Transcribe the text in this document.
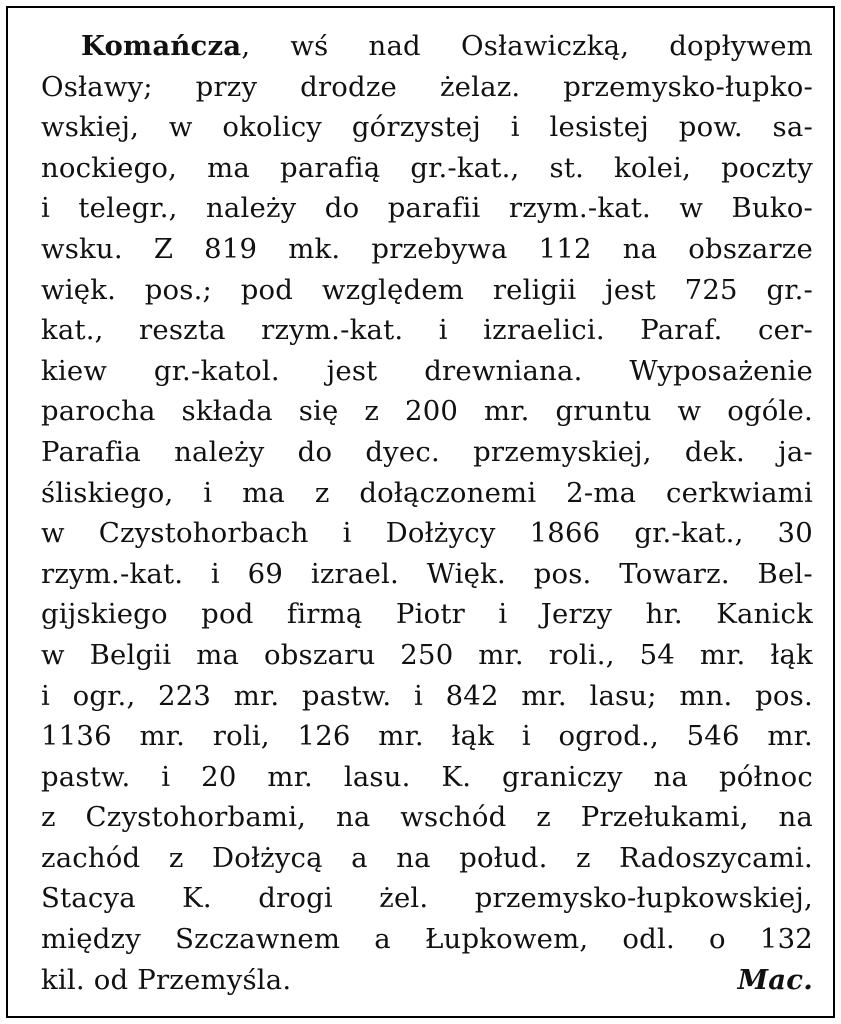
Komańcza, wś nad Osławiczką, dopływem
Osławy; przy drodze żelaz. przemysko-łupko-
wskiej, w okolicy górzystej i lesistej pow. sa-
nockiego, ma parafią gr.-kat., st. kolei, poczty
i telegr., należy do parafii rzym.-kat. w Buko-
wsku. Z 819 mk. przebywa 112 na obszarze
więk. pos.; pod względem religii jest 725 gr.-
kat., reszta rzym.-kat. i izraelici. Paraf. cer-
kiew gr.-katol. jest drewniana. Wyposażenie
parocha składa się z 200 mr. gruntu w ogóle.
Parafia należy do dyec. przemyskiej, dek. ja-
śliskiego, i ma z dołączonemi 2-ma cerkwiami
w Czystohorbach i Dołżycy 1866 gr.-kat., 30
rzym.-kat. i 69 izrael. Więk. pos. Towarz. Bel-
gijskiego pod firmą Piotr i Jerzy hr. Kanick
w Belgii ma obszaru 250 mr. roli., 54 mr. łąk
i ogr., 223 mr. pastw. i 842 mr. lasu; mn. pos.
1136 mr. roli, 126 mr. łąk i ogrod., 546 mr.
pastw. i 20 mr. lasu. K. graniczy na północ
z Czystohorbami, na wschód z Przełukami, na
zachód z Dołżycą a na połud. z Radoszycami.
Stacya K. drogi żel. przemysko-łupkowskiej,
między Szczawnem a Łupkowem, odl. o 132
kil. od Przemyśla.	Mac.
